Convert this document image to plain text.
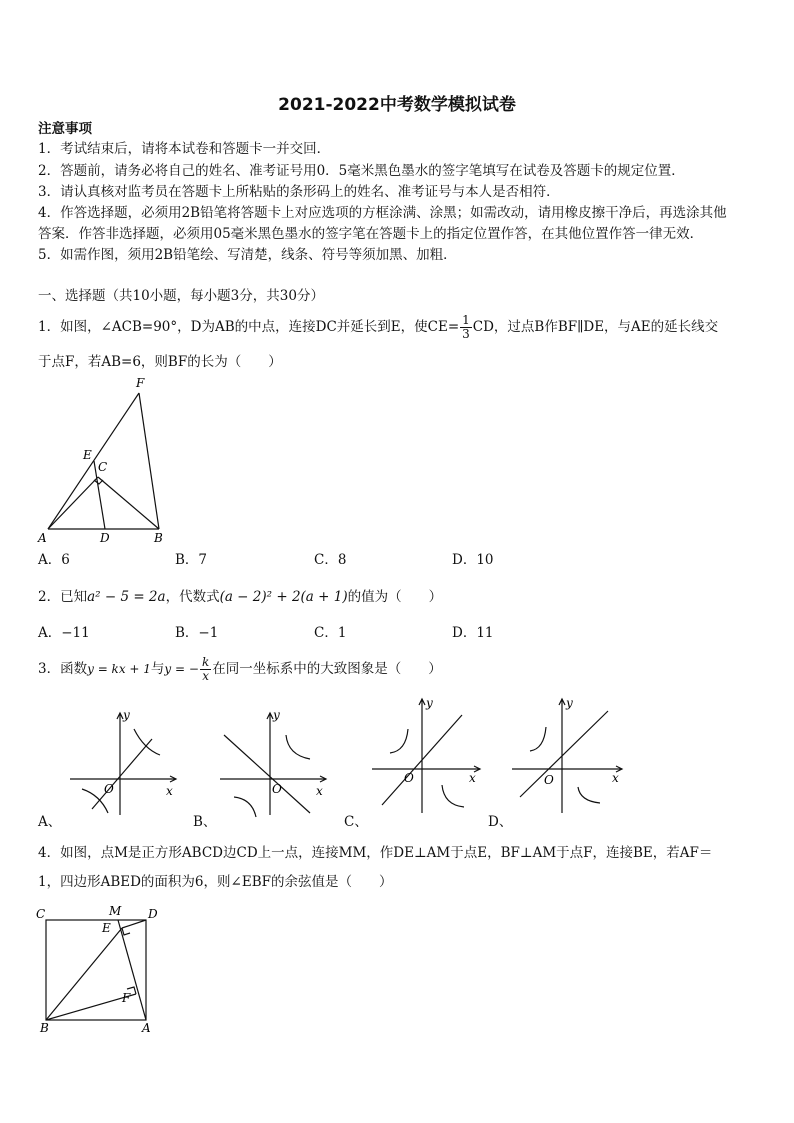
2021-2022中考数学模拟试卷
注意事项
1．考试结束后，请将本试卷和答题卡一并交回．
2．答题前，请务必将自己的姓名、准考证号用0．5毫米黑色墨水的签字笔填写在试卷及答题卡的规定位置．
3．请认真核对监考员在答题卡上所粘贴的条形码上的姓名、准考证号与本人是否相符．
4．作答选择题，必须用2B铅笔将答题卡上对应选项的方框涂满、涂黑；如需改动，请用橡皮擦干净后，再选涂其他
答案．作答非选择题，必须用05毫米黑色墨水的签字笔在答题卡上的指定位置作答，在其他位置作答一律无效．
5．如需作图，须用2B铅笔绘、写清楚，线条、符号等须加黑、加粗．
一、选择题（共10小题，每小题3分，共30分）
1．如图，∠ACB=90°，D为AB的中点，连接DC并延长到E，使$CE= \frac{1}{3}$ CD，过点B作BF∥DE，与AE的延长线交
于点F，若AB=6，则BF的长为（　　）
F
E
C
A	D	B
A．6	B．7	C．8	D．10
2．已知a² − 5 = 2a，代数式(a − 2)² + 2(a + 1)的值为（　　）
A．−11	B．−1	C．1	D．11
3．函数y = kx + 1与y = − $\frac{k}{x}$ 在同一坐标系中的大致图象是（　　）
y
x
O
y
x
O
y
x
O
y
x
O
A、	B、	C、	D、
4．如图，点M是正方形ABCD边CD上一点，连接MM，作DE⊥AM于点E，BF⊥AM于点F，连接BE，若AF＝
1，四边形ABED的面积为6，则∠EBF的余弦值是（　　）
C	M D
E
F
B	A
